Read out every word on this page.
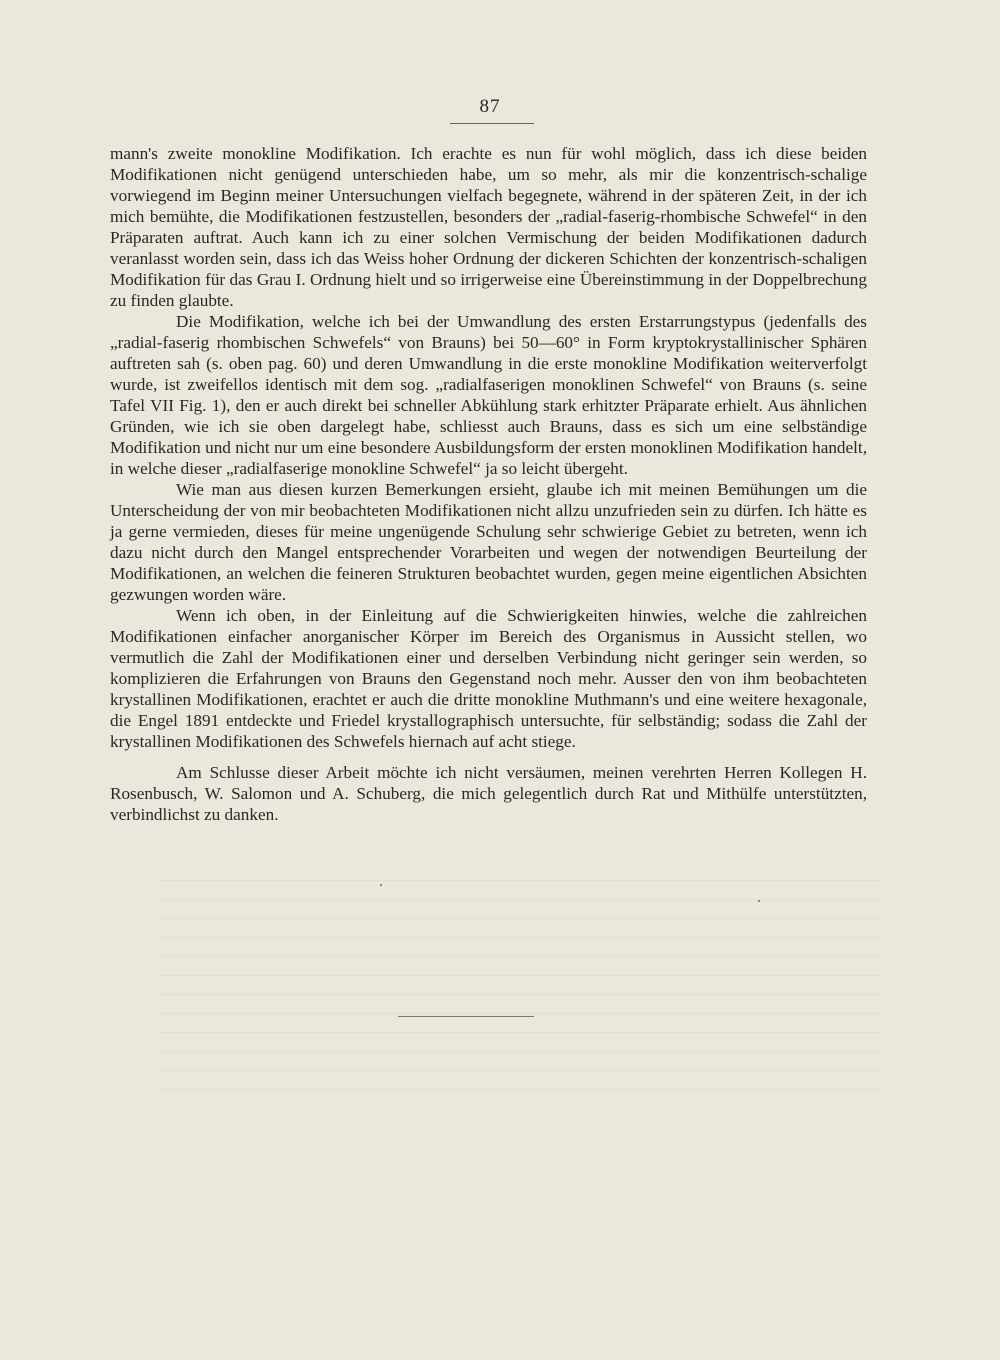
87

mann's zweite monokline Modifikation. Ich erachte es nun für wohl möglich, dass ich diese beiden Modifikationen nicht genügend unterschieden habe, um so mehr, als mir die konzentrisch-schalige vorwiegend im Beginn meiner Untersuchungen vielfach begegnete, während in der späteren Zeit, in der ich mich bemühte, die Modifikationen festzustellen, besonders der „radial-faserig-rhombische Schwefel“ in den Präparaten auftrat. Auch kann ich zu einer solchen Vermischung der beiden Modifikationen dadurch veranlasst worden sein, dass ich das Weiss hoher Ordnung der dickeren Schichten der konzentrisch-schaligen Modifikation für das Grau I. Ordnung hielt und so irrigerweise eine Übereinstimmung in der Doppelbrechung zu finden glaubte.

Die Modifikation, welche ich bei der Umwandlung des ersten Erstarrungstypus (jedenfalls des „radial-faserig rhombischen Schwefels“ von Brauns) bei 50—60° in Form kryptokrystallinischer Sphären auftreten sah (s. oben pag. 60) und deren Umwandlung in die erste monokline Modifikation weiterverfolgt wurde, ist zweifellos identisch mit dem sog. „radialfaserigen monoklinen Schwefel“ von Brauns (s. seine Tafel VII Fig. 1), den er auch direkt bei schneller Abkühlung stark erhitzter Präparate erhielt. Aus ähnlichen Gründen, wie ich sie oben dargelegt habe, schliesst auch Brauns, dass es sich um eine selbständige Modifikation und nicht nur um eine besondere Ausbildungsform der ersten monoklinen Modifikation handelt, in welche dieser „radialfaserige monokline Schwefel“ ja so leicht übergeht.

Wie man aus diesen kurzen Bemerkungen ersieht, glaube ich mit meinen Bemühungen um die Unterscheidung der von mir beobachteten Modifikationen nicht allzu unzufrieden sein zu dürfen. Ich hätte es ja gerne vermieden, dieses für meine ungenügende Schulung sehr schwierige Gebiet zu betreten, wenn ich dazu nicht durch den Mangel entsprechender Vorarbeiten und wegen der notwendigen Beurteilung der Modifikationen, an welchen die feineren Strukturen beobachtet wurden, gegen meine eigentlichen Absichten gezwungen worden wäre.

Wenn ich oben, in der Einleitung auf die Schwierigkeiten hinwies, welche die zahlreichen Modifikationen einfacher anorganischer Körper im Bereich des Organismus in Aussicht stellen, wo vermutlich die Zahl der Modifikationen einer und derselben Verbindung nicht geringer sein werden, so komplizieren die Erfahrungen von Brauns den Gegenstand noch mehr. Ausser den von ihm beobachteten krystallinen Modifikationen, erachtet er auch die dritte monokline Muthmann's und eine weitere hexagonale, die Engel 1891 entdeckte und Friedel krystallographisch untersuchte, für selbständig; sodass die Zahl der krystallinen Modifikationen des Schwefels hiernach auf acht stiege.

Am Schlusse dieser Arbeit möchte ich nicht versäumen, meinen verehrten Herren Kollegen H. Rosenbusch, W. Salomon und A. Schuberg, die mich gelegentlich durch Rat und Mithülfe unterstützten, verbindlichst zu danken.
